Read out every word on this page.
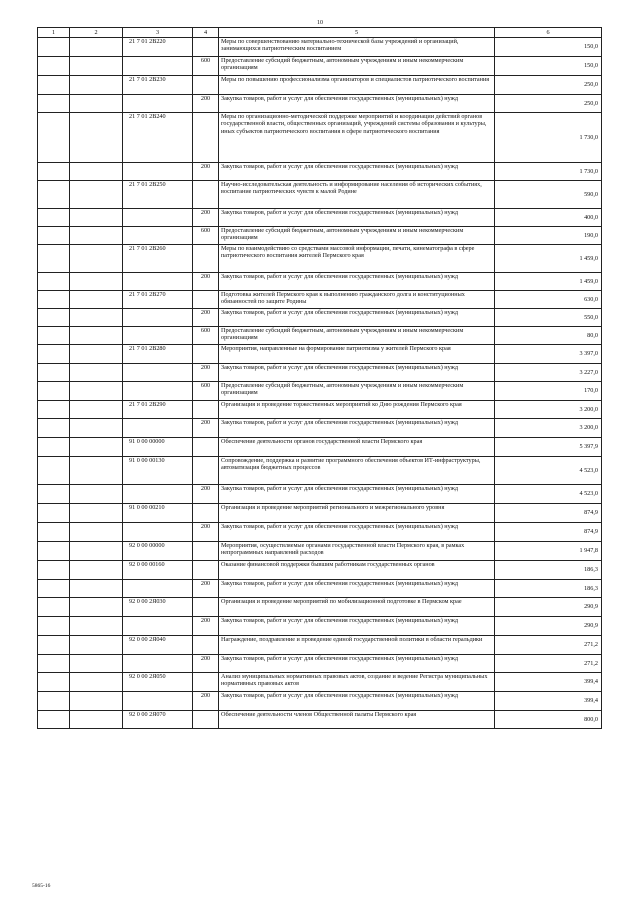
10
1	2	3	4	5	6
		21 7 01 2В220		Меры по совершенствованию материально-технической базы учреждений и организаций, занимающихся патриотическим воспитанием	150,0
			600	Предоставление субсидий бюджетным, автономным учреждениям и иным некоммерческим организациям	150,0
		21 7 01 2В230		Меры по повышению профессионализма организаторов и специалистов патриотического воспитания	250,0
			200	Закупка товаров, работ и услуг для обеспечения государственных (муниципальных) нужд	250,0
		21 7 01 2В240		Меры по организационно-методической поддержке мероприятий и координации действий органов государственной власти, общественных организаций, учреждений системы образования и культуры, иных субъектов патриотического воспитания в сфере патриотического воспитания	1 730,0
			200	Закупка товаров, работ и услуг для обеспечения государственных (муниципальных) нужд	1 730,0
		21 7 01 2В250		Научно-исследовательская деятельность и информирование населения об исторических событиях, воспитание патриотических чувств к малой Родине	590,0
			200	Закупка товаров, работ и услуг для обеспечения государственных (муниципальных) нужд	400,0
			600	Предоставление субсидий бюджетным, автономным учреждениям и иным некоммерческим организациям	190,0
		21 7 01 2В260		Меры по взаимодействию со средствами массовой информации, печати, кинематографа в сфере патриотического воспитания жителей Пермского края	1 459,0
			200	Закупка товаров, работ и услуг для обеспечения государственных (муниципальных) нужд	1 459,0
		21 7 01 2В270		Подготовка жителей Пермского края к выполнению гражданского долга и конституционных обязанностей по защите Родины	630,0
			200	Закупка товаров, работ и услуг для обеспечения государственных (муниципальных) нужд	550,0
			600	Предоставление субсидий бюджетным, автономным учреждениям и иным некоммерческим организациям	80,0
		21 7 01 2В280		Мероприятия, направленные на формирование патриотизма у жителей Пермского края	3 397,0
			200	Закупка товаров, работ и услуг для обеспечения государственных (муниципальных) нужд	3 227,0
			600	Предоставление субсидий бюджетным, автономным учреждениям и иным некоммерческим организациям	170,0
		21 7 01 2В290		Организация и проведение торжественных мероприятий ко Дню рождения Пермского края	3 200,0
			200	Закупка товаров, работ и услуг для обеспечения государственных (муниципальных) нужд	3 200,0
		91 0 00 00000		Обеспечение деятельности органов государственной власти Пермского края	5 397,9
		91 0 00 00130		Сопровождение, поддержка и развитие программного обеспечения объектов ИТ-инфраструктуры, автоматизация бюджетных процессов	4 523,0
			200	Закупка товаров, работ и услуг для обеспечения государственных (муниципальных) нужд	4 523,0
		91 0 00 00210		Организация и проведение мероприятий регионального и межрегионального уровня	874,9
			200	Закупка товаров, работ и услуг для обеспечения государственных (муниципальных) нужд	874,9
		92 0 00 00000		Мероприятия, осуществляемые органами государственной власти Пермского края, в рамках непрограммных направлений расходов	1 947,8
		92 0 00 00160		Оказание финансовой поддержки бывшим работникам государственных органов	186,3
			200	Закупка товаров, работ и услуг для обеспечения государственных (муниципальных) нужд	186,3
		92 0 00 2Я030		Организация и проведение мероприятий по мобилизационной подготовке в Пермском крае	290,9
			200	Закупка товаров, работ и услуг для обеспечения государственных (муниципальных) нужд	290,9
		92 0 00 2Я040		Награждение, поздравление и проведение единой государственной политики в области геральдики	271,2
			200	Закупка товаров, работ и услуг для обеспечения государственных (муниципальных) нужд	271,2
		92 0 00 2Я050		Анализ муниципальных нормативных правовых актов, создание и ведение Регистра муниципальных нормативных правовых актов	399,4
			200	Закупка товаров, работ и услуг для обеспечения государственных (муниципальных) нужд	399,4
		92 0 00 2Я070		Обеспечение деятельности членов Общественной палаты Пермского края	800,0
5865-16
